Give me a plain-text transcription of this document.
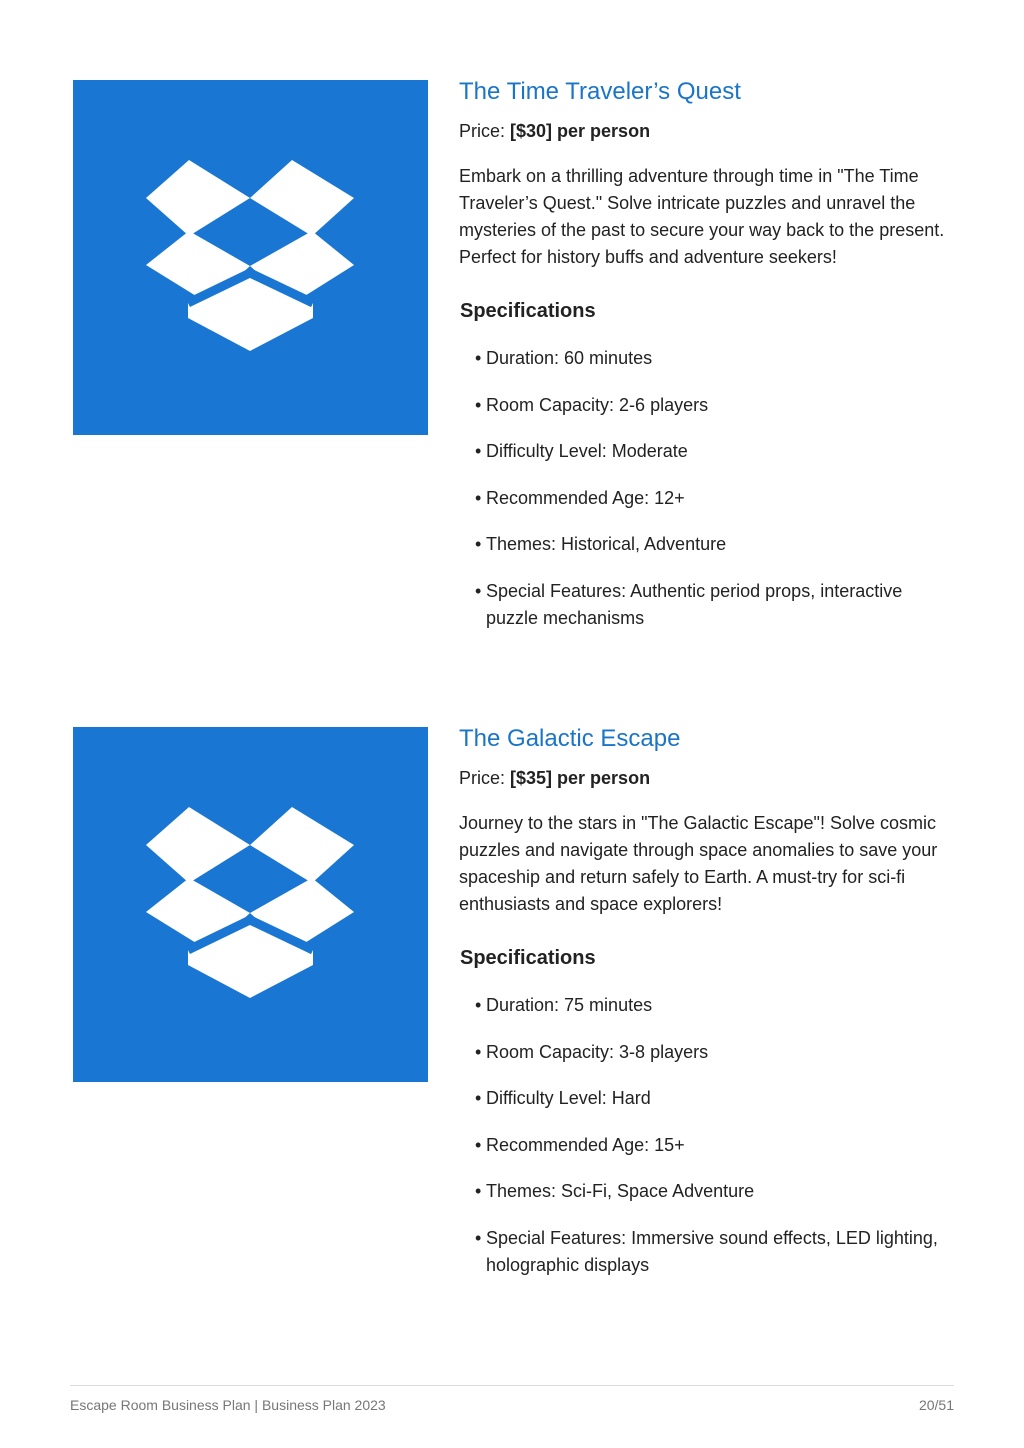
The Time Traveler’s Quest
Price: [$30] per person

Embark on a thrilling adventure through time in "The Time Traveler’s Quest." Solve intricate puzzles and unravel the mysteries of the past to secure your way back to the present. Perfect for history buffs and adventure seekers!

Specifications
• Duration: 60 minutes
• Room Capacity: 2-6 players
• Difficulty Level: Moderate
• Recommended Age: 12+
• Themes: Historical, Adventure
• Special Features: Authentic period props, interactive puzzle mechanisms
The Galactic Escape
Price: [$35] per person

Journey to the stars in "The Galactic Escape"! Solve cosmic puzzles and navigate through space anomalies to save your spaceship and return safely to Earth. A must-try for sci-fi enthusiasts and space explorers!

Specifications
• Duration: 75 minutes
• Room Capacity: 3-8 players
• Difficulty Level: Hard
• Recommended Age: 15+
• Themes: Sci-Fi, Space Adventure
• Special Features: Immersive sound effects, LED lighting, holographic displays
Escape Room Business Plan | Business Plan 2023	20/51
